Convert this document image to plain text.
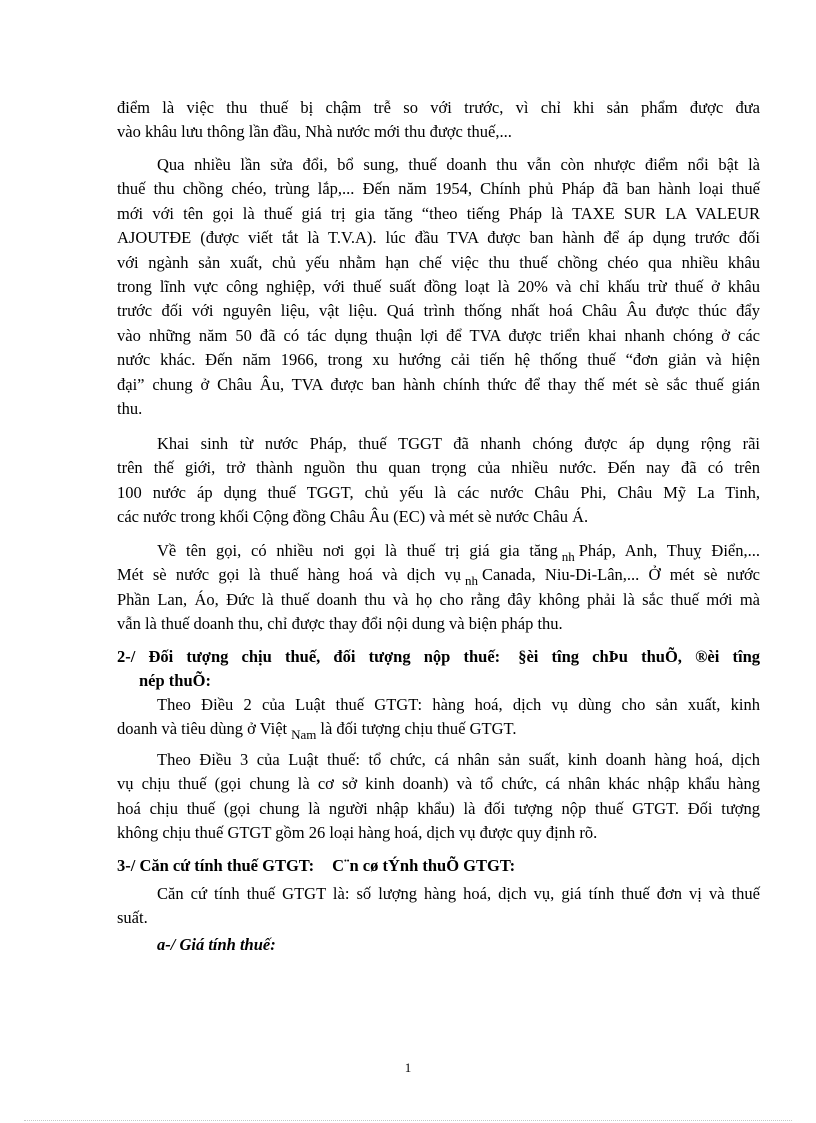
điểm là việc thu thuế bị chậm trễ so với trước, vì chỉ khi sản phẩm được đưa
vào khâu lưu thông lần đầu, Nhà nước mới thu được thuế,...
Qua nhiều lần sửa đổi, bổ sung, thuế doanh thu vẫn còn nhược điểm nổi bật là
thuế thu chồng chéo, trùng lắp,... Đến năm 1954, Chính phủ Pháp đã ban hành loại thuế
mới với tên gọi là thuế giá trị gia tăng “theo tiếng Pháp là TAXE SUR LA VALEUR
AJOUTĐE (được viết tắt là T.V.A). lúc đầu TVA được ban hành để áp dụng trước đối
với ngành sản xuất, chủ yếu nhằm hạn chế việc thu thuế chồng chéo qua nhiều khâu
trong lĩnh vực công nghiệp, với thuế suất đồng loạt là 20% và chỉ khấu trừ thuế ở khâu
trước đối với nguyên liệu, vật liệu. Quá trình thống nhất hoá Châu Âu được thúc đẩy
vào những năm 50 đã có tác dụng thuận lợi để TVA được triển khai nhanh chóng ở các
nước khác. Đến năm 1966, trong xu hướng cải tiến hệ thống thuế “đơn giản và hiện
đại” chung ở Châu Âu, TVA được ban hành chính thức để thay thế mét sè sắc thuế gián
thu.
Khai sinh từ nước Pháp, thuế TGGT đã nhanh chóng được áp dụng rộng rãi
trên thế giới, trở thành nguồn thu quan trọng của nhiều nước. Đến nay đã có trên
100 nước áp dụng thuế TGGT, chủ yếu là các nước Châu Phi, Châu Mỹ La Tinh,
các nước trong khối Cộng đồng Châu Âu (EC) và mét sè nước Châu Á.
Về tên gọi, có nhiều nơi gọi là thuế trị giá gia tăng $_{nh}$ Pháp, Anh, Thuỵ Điển,...
Mét sè nước gọi là thuế hàng hoá và dịch vụ $_{nh}$ Canada, Niu-Di-Lân,... Ở mét sè nước
Phần Lan, Áo, Đức là thuế doanh thu và họ cho rằng đây không phải là sắc thuế mới mà
vẫn là thuế doanh thu, chỉ được thay đổi nội dung và biện pháp thu.
2-/ Đối tượng chịu thuế, đối tượng nộp thuế: §èi tîng chÞu thuÕ, ®èi tîng
nép thuÕ:
Theo Điều 2 của Luật thuế GTGT: hàng hoá, dịch vụ dùng cho sản xuất, kinh
doanh và tiêu dùng ở Việt $_{Nam}$ là đối tượng chịu thuế GTGT.
Theo Điều 3 của Luật thuế: tổ chức, cá nhân sản suất, kinh doanh hàng hoá, dịch
vụ chịu thuế (gọi chung là cơ sở kinh doanh) và tổ chức, cá nhân khác nhập khẩu hàng
hoá chịu thuế (gọi chung là người nhập khẩu) là đối tượng nộp thuế GTGT. Đối tượng
không chịu thuế GTGT gồm 26 loại hàng hoá, dịch vụ được quy định rõ.
3-/ Căn cứ tính thuế GTGT: C¨n cø tÝnh thuÕ GTGT:
Căn cứ tính thuế GTGT là: số lượng hàng hoá, dịch vụ, giá tính thuế đơn vị và thuế
suất.
a-/ Giá tính thuế:
1
